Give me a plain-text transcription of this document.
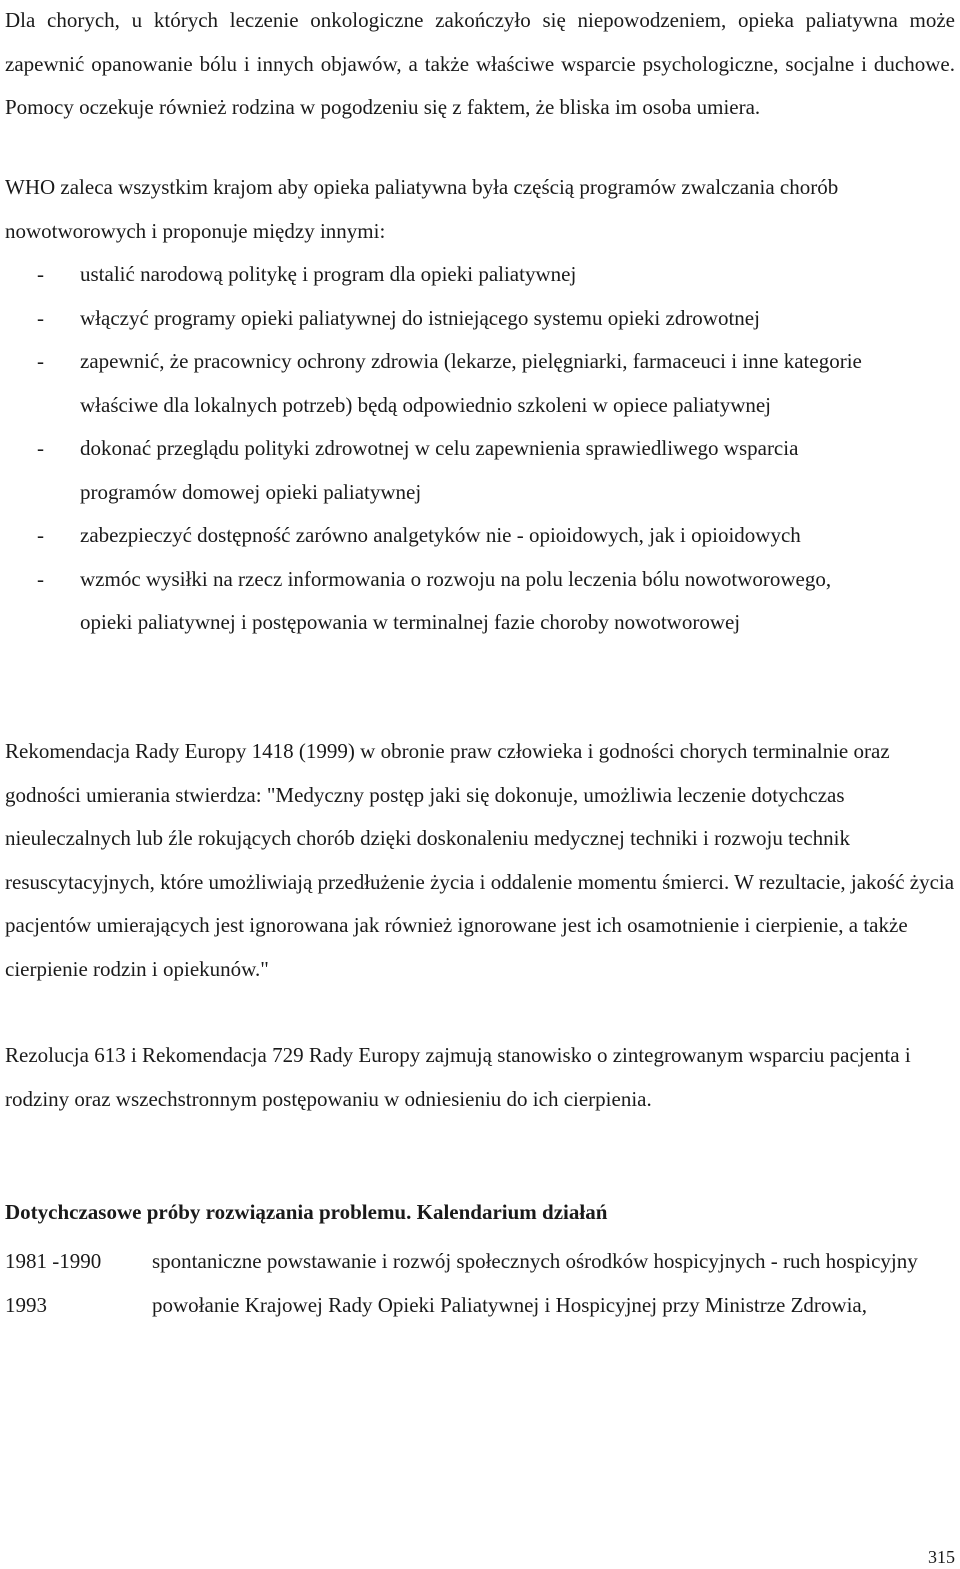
Dla chorych, u których leczenie onkologiczne zakończyło się niepowodzeniem, opieka paliatywna może zapewnić opanowanie bólu i innych objawów, a także właściwe wsparcie psychologiczne, socjalne i duchowe. Pomocy oczekuje również rodzina w pogodzeniu się z faktem, że bliska im osoba umiera.

WHO zaleca wszystkim krajom aby opieka paliatywna była częścią programów zwalczania chorób nowotworowych i proponuje między innymi:

- ustalić narodową politykę i program dla opieki paliatywnej
- włączyć programy opieki paliatywnej do istniejącego systemu opieki zdrowotnej
- zapewnić, że pracownicy ochrony zdrowia (lekarze, pielęgniarki, farmaceuci i inne kategorie właściwe dla lokalnych potrzeb) będą odpowiednio szkoleni w opiece paliatywnej
- dokonać przeglądu polityki zdrowotnej w celu zapewnienia sprawiedliwego wsparcia programów domowej opieki paliatywnej
- zabezpieczyć dostępność zarówno analgetyków nie - opioidowych, jak i opioidowych
- wzmóc wysiłki na rzecz informowania o rozwoju na polu leczenia bólu nowotworowego, opieki paliatywnej i postępowania w terminalnej fazie choroby nowotworowej

Rekomendacja Rady Europy 1418 (1999) w obronie praw człowieka i godności chorych terminalnie oraz godności umierania stwierdza: "Medyczny postęp jaki się dokonuje, umożliwia leczenie dotychczas nieuleczalnych lub źle rokujących chorób dzięki doskonaleniu medycznej techniki i rozwoju technik resuscytacyjnych, które umożliwiają przedłużenie życia i oddalenie momentu śmierci. W rezultacie, jakość życia pacjentów umierających jest ignorowana jak również ignorowane jest ich osamotnienie i cierpienie, a także cierpienie rodzin i opiekunów."

Rezolucja 613 i Rekomendacja 729 Rady Europy zajmują stanowisko o zintegrowanym wsparciu pacjenta i rodziny oraz wszechstronnym postępowaniu w odniesieniu do ich cierpienia.

Dotychczasowe próby rozwiązania problemu. Kalendarium działań

1981 -1990	spontaniczne powstawanie i rozwój społecznych ośrodków hospicyjnych - ruch hospicyjny
1993	powołanie Krajowej Rady Opieki Paliatywnej i Hospicyjnej przy Ministrze Zdrowia,
315
